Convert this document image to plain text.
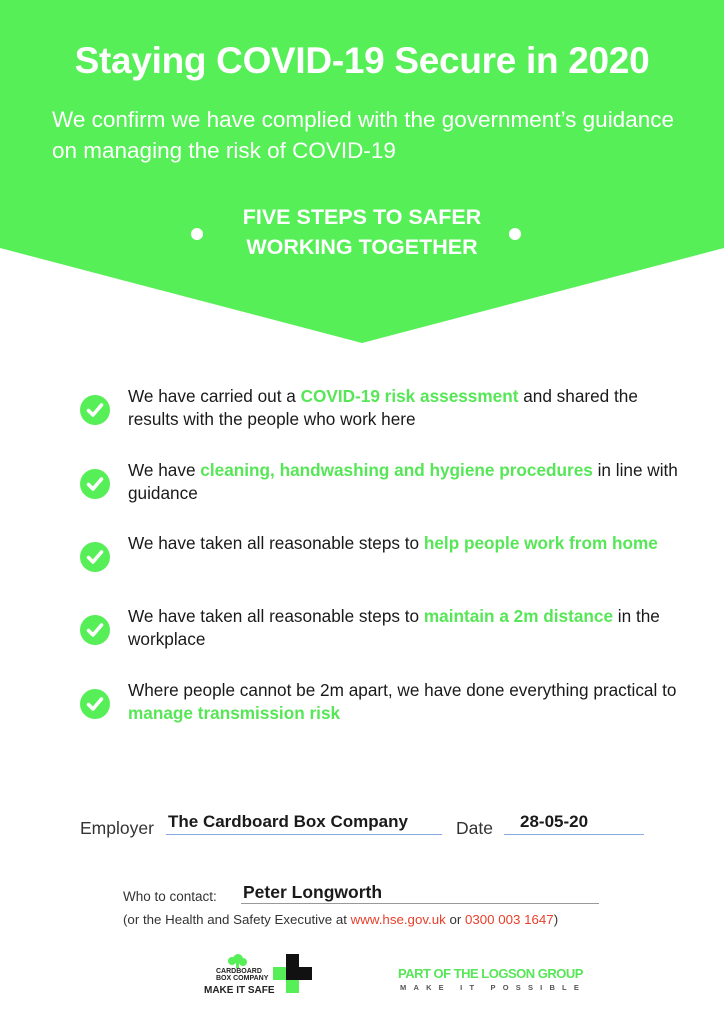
Staying COVID-19 Secure in 2020
We confirm we have complied with the government’s guidance on managing the risk of COVID-19
FIVE STEPS TO SAFER
WORKING TOGETHER
We have carried out a COVID-19 risk assessment and shared the results with the people who work here
We have cleaning, handwashing and hygiene procedures in line with guidance
We have taken all reasonable steps to help people work from home
We have taken all reasonable steps to maintain a 2m distance in the workplace
Where people cannot be 2m apart, we have done everything practical to manage transmission risk
Employer The Cardboard Box Company	Date 28-05-20
Who to contact: Peter Longworth
(or the Health and Safety Executive at www.hse.gov.uk or 0300 003 1647)
CARDBOARD BOX COMPANY
MAKE IT SAFE
PART OF THE LOGSON GROUP
MAKE IT POSSIBLE
